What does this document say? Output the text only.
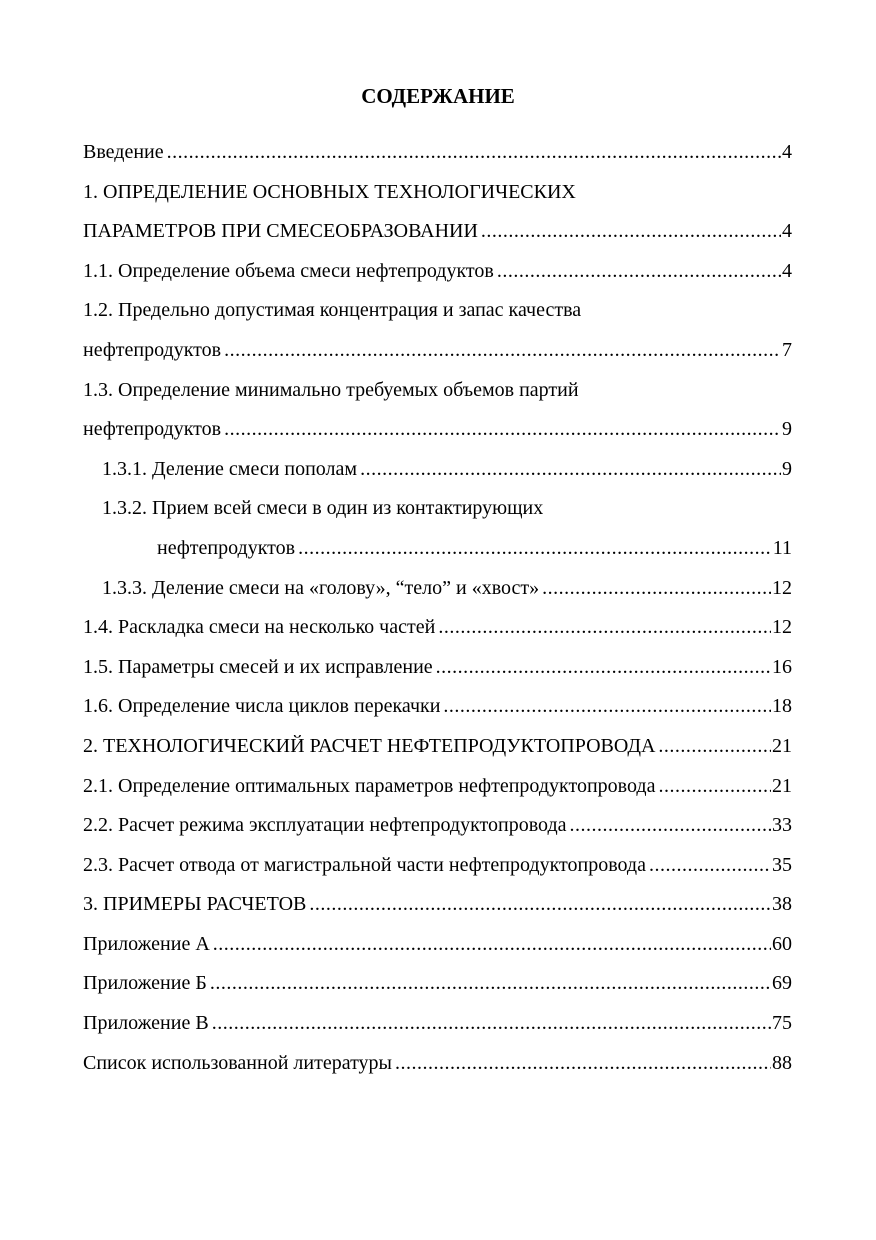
СОДЕРЖАНИЕ
Введение .....	4
1. ОПРЕДЕЛЕНИЕ ОСНОВНЫХ ТЕХНОЛОГИЧЕСКИХ
ПАРАМЕТРОВ ПРИ СМЕСЕОБРАЗОВАНИИ .....	4
1.1. Определение объема смеси нефтепродуктов .....	4
1.2. Предельно допустимая концентрация и запас качества
нефтепродуктов .....	7
1.3. Определение минимально требуемых объемов партий
нефтепродуктов .....	9
1.3.1. Деление смеси пополам .....	9
1.3.2. Прием всей смеси в один из контактирующих
нефтепродуктов .....	11
1.3.3. Деление смеси на «голову», “тело” и «хвост» .....	12
1.4. Раскладка смеси на несколько частей .....	12
1.5. Параметры смесей и их исправление .....	16
1.6. Определение числа циклов перекачки .....	18
2. ТЕХНОЛОГИЧЕСКИЙ РАСЧЕТ НЕФТЕПРОДУКТОПРОВОДА .....	21
2.1. Определение оптимальных параметров нефтепродуктопровода .....	21
2.2. Расчет режима эксплуатации нефтепродуктопровода .....	33
2.3. Расчет отвода от магистральной части нефтепродуктопровода .....	35
3. ПРИМЕРЫ РАСЧЕТОВ .....	38
Приложение А .....	60
Приложение Б .....	69
Приложение В .....	75
Список использованной литературы .....	88
